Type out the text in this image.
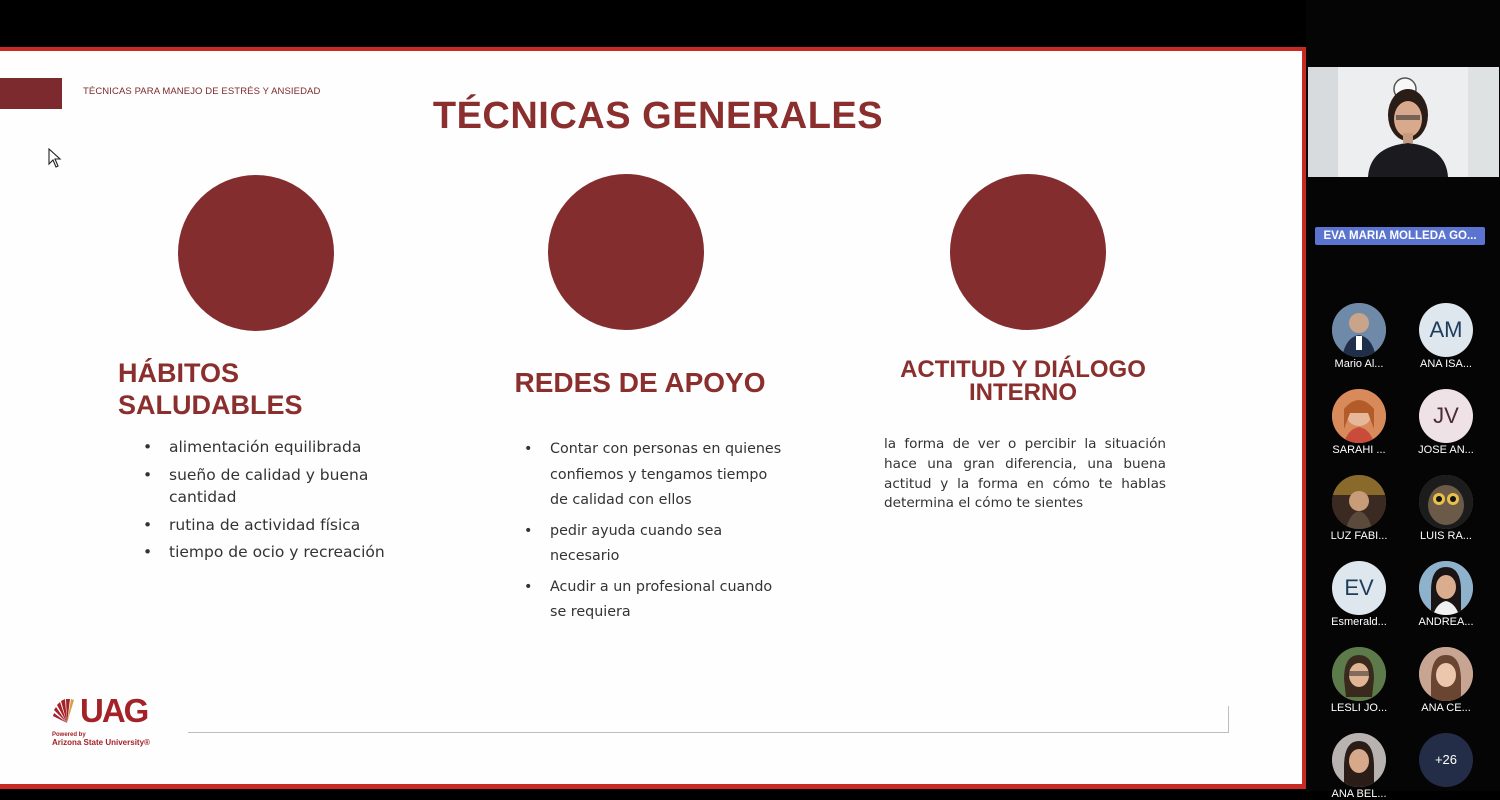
TÉCNICAS PARA MANEJO DE ESTRÉS Y ANSIEDAD
TÉCNICAS GENERALES
HÁBITOS SALUDABLES
REDES DE APOYO	ACTITUD Y DIÁLOGO INTERNO
• alimentación equilibrada
• sueño de calidad y buena cantidad
• rutina de actividad física
• tiempo de ocio y recreación
• Contar con personas en quienes confiemos y tengamos tiempo de calidad con ellos
• pedir ayuda cuando sea necesario
• Acudir a un profesional cuando se requiera
la forma de ver o percibir la situación hace una gran diferencia, una buena actitud y la forma en cómo te hablas determina el cómo te sientes
UAG
Powered by
Arizona State University®
EVA MARIA MOLLEDA GO...
Mario Al...
AM
ANA ISA...
SARAHI ...
JV
JOSE AN...
LUZ FABI...	LUIS RA...
EV
Esmerald...	ANDREA...
LESLI JO...	ANA CE...
ANA BEL...
+26
